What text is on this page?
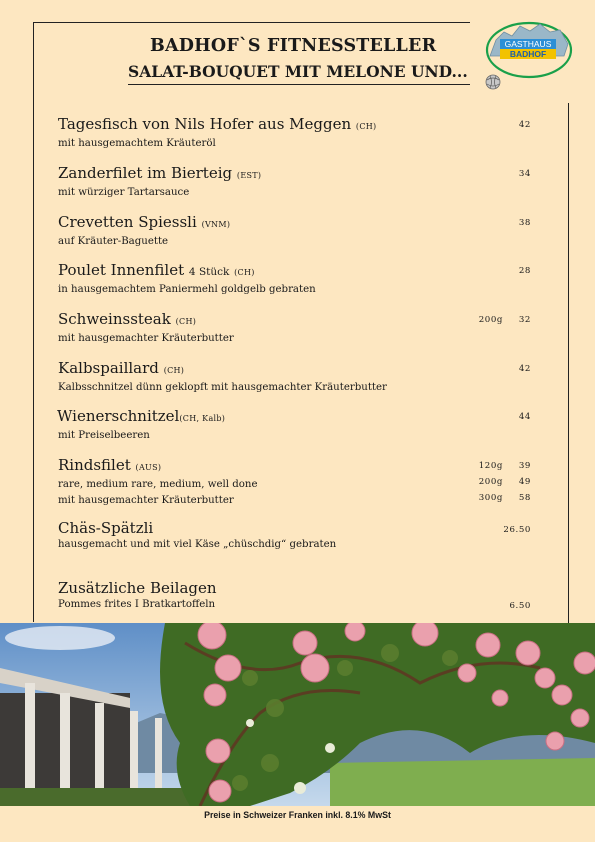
BADHOF`S FITNESSTELLER
SALAT-BOUQUET MIT MELONE UND...
GASTHAUS
BADHOF
Tagesfisch von Nils Hofer aus Meggen (CH)
mit hausgemachtem Kräuteröl
42
Zanderfilet im Bierteig (EST)
mit würziger Tartarsauce
34
Crevetten Spiessli (VNM)
auf Kräuter-Baguette
38
Poulet Innenfilet 4 Stück (CH)
in hausgemachtem Paniermehl goldgelb gebraten
28
Schweinssteak (CH)
mit hausgemachter Kräuterbutter
200g 32
Kalbspaillard (CH)
Kalbsschnitzel dünn geklopft mit hausgemachter Kräuterbutter
42
Wienerschnitzel(CH, Kalb)
mit Preiselbeeren
44
Rindsfilet (AUS)
rare, medium rare, medium, well done
mit hausgemachter Kräuterbutter
120g 39
200g 49
300g 58
Chäs-Spätzli
hausgemacht und mit viel Käse „chüschdig“ gebraten
26.50
Zusätzliche Beilagen
Pommes frites I Bratkartoffeln	6.50
Preise in Schweizer Franken inkl. 8.1% MwSt
